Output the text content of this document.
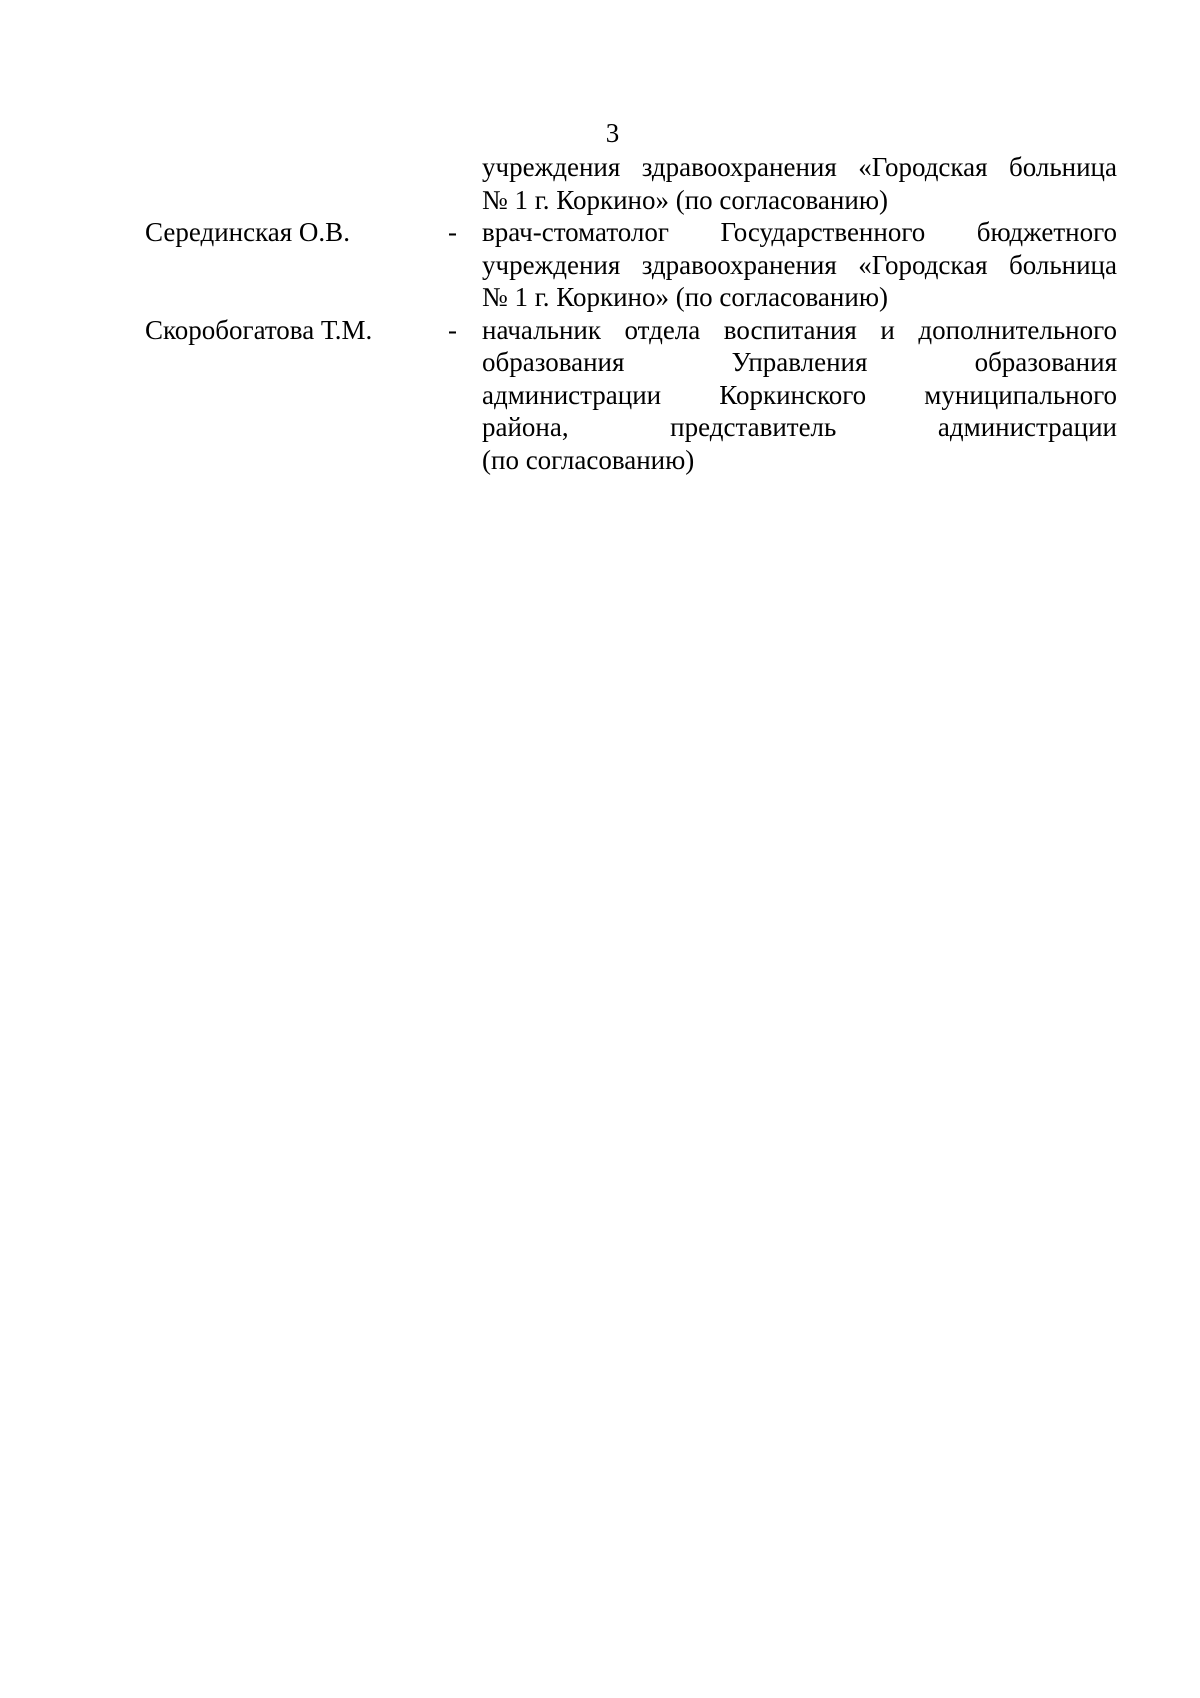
3
учреждения здравоохранения «Городская больница
№ 1 г. Коркино» (по согласованию)
Серединская О.В.	- врач-стоматолог Государственного бюджетного
учреждения здравоохранения «Городская больница
№ 1 г. Коркино» (по согласованию)
Скоробогатова Т.М.	- начальник отдела воспитания и дополнительного
образования Управления образования
администрации Коркинского муниципального
района, представитель администрации
(по согласованию)
